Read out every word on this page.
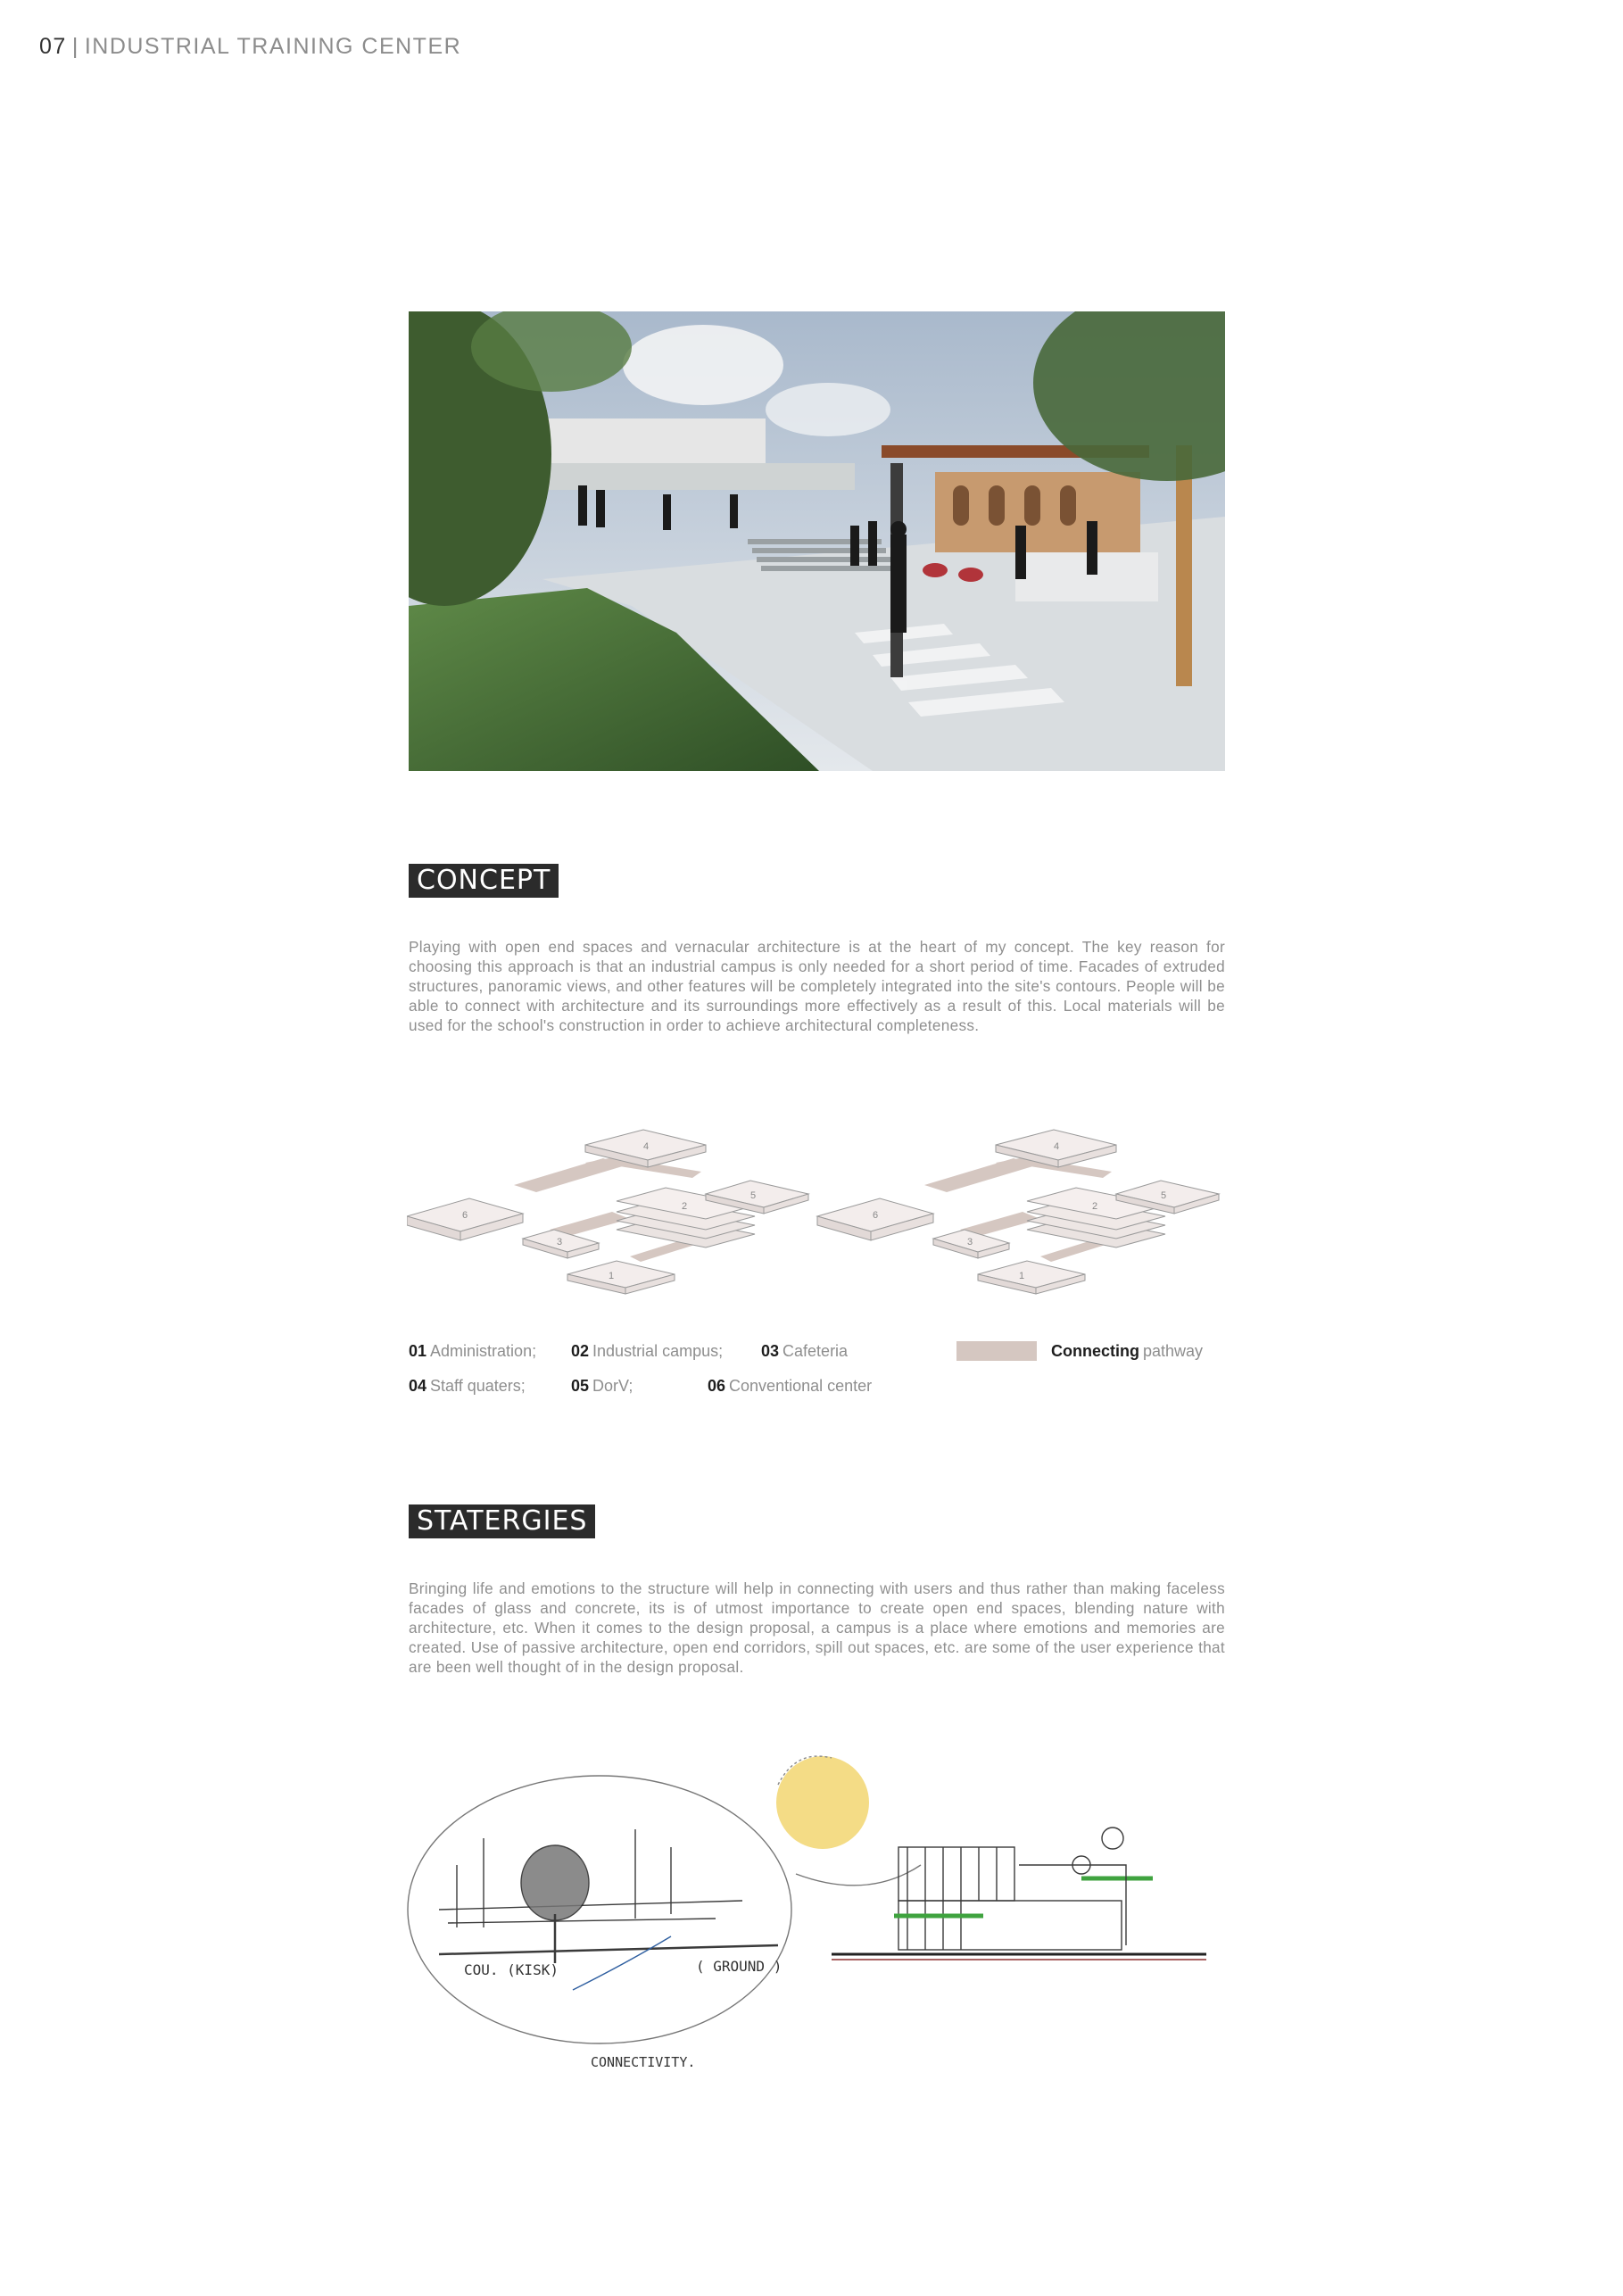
07 | INDUSTRIAL TRAINING CENTER
CONCEPT
Playing with open end spaces and vernacular architecture is at the heart of my concept. The key reason for choosing this approach is that an industrial campus is only needed for a short period of time. Facades of extruded structures, panoramic views, and other features will be completely integrated into the site's contours. People will be able to connect with architecture and its surroundings more effectively as a result of this. Local materials will be used for the school's construction in order to achieve architectural completeness.
6
3
1
2
4
5
01 Administration; 02 Industrial campus; 03 Cafeteria
04 Staff quaters;	05 DorV;	06 Conventional center
Connecting pathway
STATERGIES
Bringing life and emotions to the structure will help in connecting with users and thus rather than making faceless facades of glass and concrete, its is of utmost importance to create open end spaces, blending nature with architecture, etc. When it comes to the design proposal, a campus is a place where emotions and memories are created. Use of passive architecture, open end corridors, spill out spaces, etc. are some of the user experience that are been well thought of in the design proposal.
COU. (KISK)	( GROUND )
CONNECTIVITY.
